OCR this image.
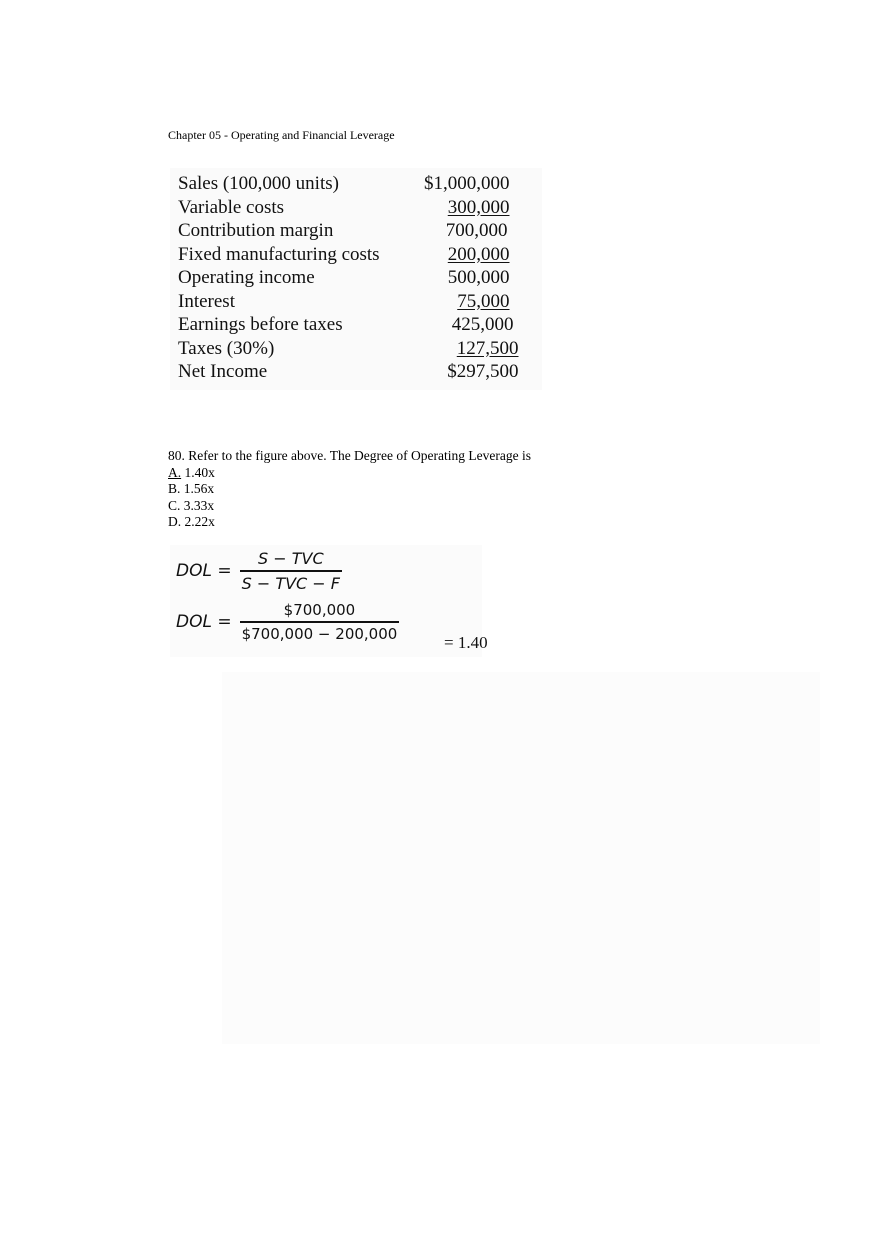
Chapter 05 - Operating and Financial Leverage
Sales (100,000 units)	$1,000,000
Variable costs	300,000
Contribution margin	700,000
Fixed manufacturing costs	200,000
Operating income	500,000
Interest	75,000
Earnings before taxes	425,000
Taxes (30%)	127,500
Net Income	$297,500
80. Refer to the figure above. The Degree of Operating Leverage is
A. 1.40x
B. 1.56x
C. 3.33x
D. 2.22x
DOL = $\frac{\text{S − TVC}}{\text{S − TVC − F}}$
DOL = $\frac{\$700,000}{\$700,000 - 200,000}$	= 1.40
